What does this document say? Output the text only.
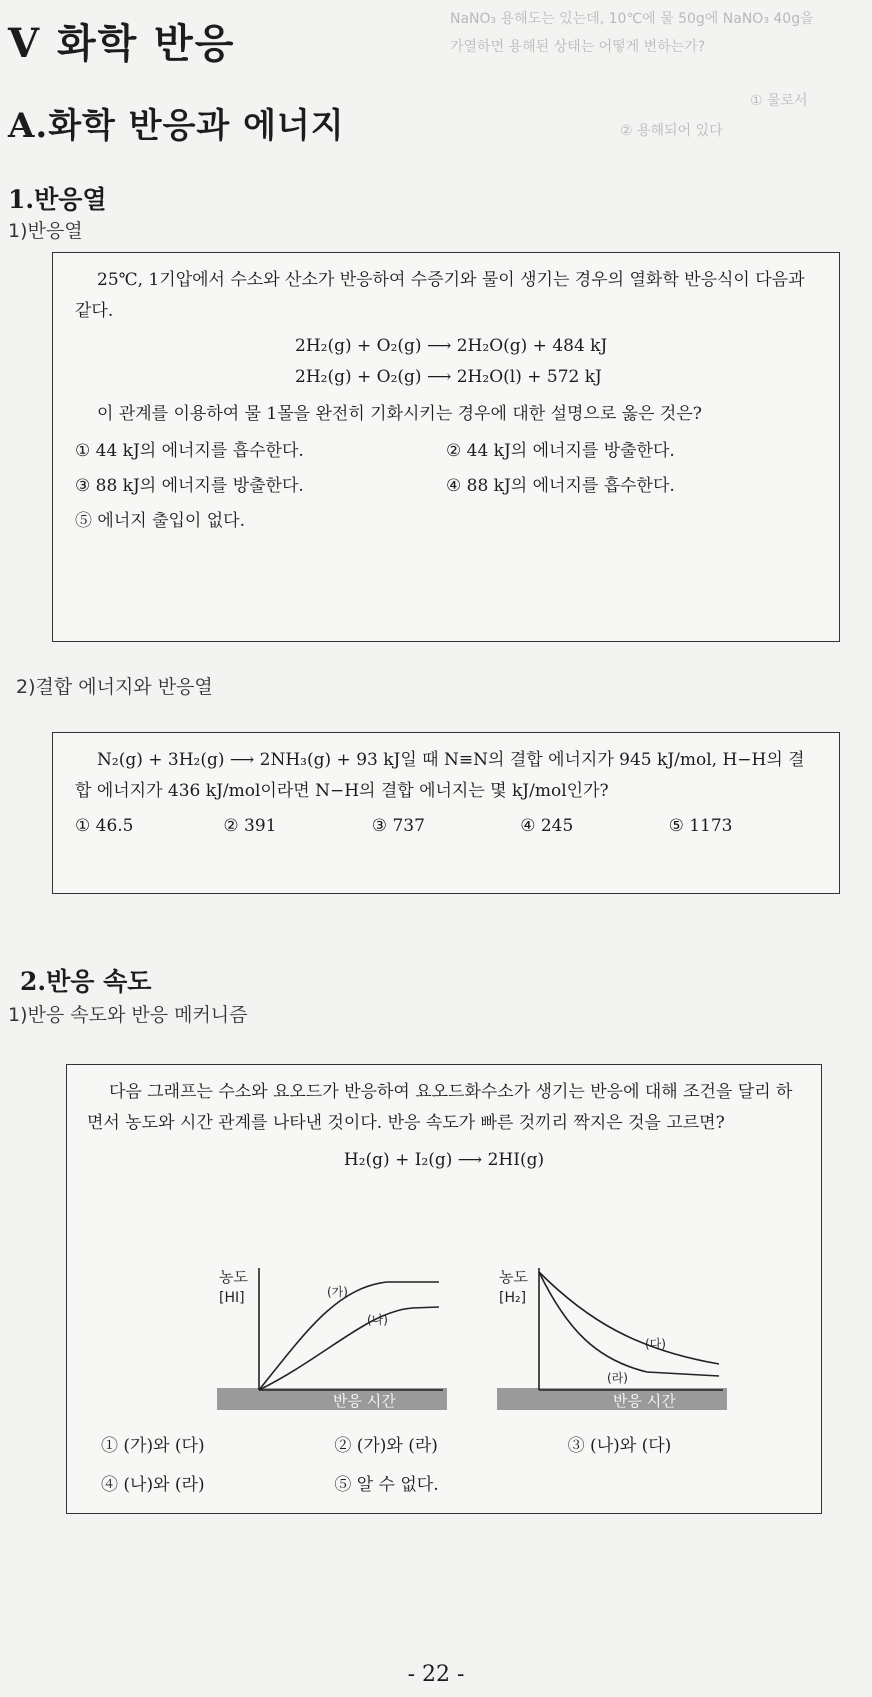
NaNO₃ 용해도는 있는데, 10℃에 물 50g에 NaNO₃ 40g을
가열하면 용해된 상태는 어떻게 변하는가?
① 물로서
② 용해되어 있다
V 화학 반응
A.화학 반응과 에너지
1.반응열
1)반응열

25℃, 1기압에서 수소와 산소가 반응하여 수증기와 물이 생기는 경우의 열화학 반응식이 다음과 같다.

2H₂(g) + O₂(g) ⟶ 2H₂O(g) + 484 kJ

2H₂(g) + O₂(g) ⟶ 2H₂O(l) + 572 kJ

이 관계를 이용하여 물 1몰을 완전히 기화시키는 경우에 대한 설명으로 옳은 것은?

① 44 kJ의 에너지를 흡수한다.	② 44 kJ의 에너지를 방출한다.
③ 88 kJ의 에너지를 방출한다.	④ 88 kJ의 에너지를 흡수한다.
⑤ 에너지 출입이 없다.
2)결합 에너지와 반응열

N₂(g) + 3H₂(g) ⟶ 2NH₃(g) + 93 kJ일 때 N≡N의 결합 에너지가 945 kJ/mol, H−H의 결합 에너지가 436 kJ/mol이라면 N−H의 결합 에너지는 몇 kJ/mol인가?

① 46.5	② 391	③ 737	④ 245	⑤ 1173
2.반응 속도
1)반응 속도와 반응 메커니즘

다음 그래프는 수소와 요오드가 반응하여 요오드화수소가 생기는 반응에 대해 조건을 달리 하면서 농도와 시간 관계를 나타낸 것이다. 반응 속도가 빠른 것끼리 짝지은 것을 고르면?

H₂(g) + I₂(g) ⟶ 2HI(g)

농도
[HI]	(가)
(나)
반응 시간
농도
[H₂]
(다)
(라)
반응 시간
① (가)와 (다)	② (가)와 (라)	③ (나)와 (다)
④ (나)와 (라)	⑤ 알 수 없다.
- 22 -
